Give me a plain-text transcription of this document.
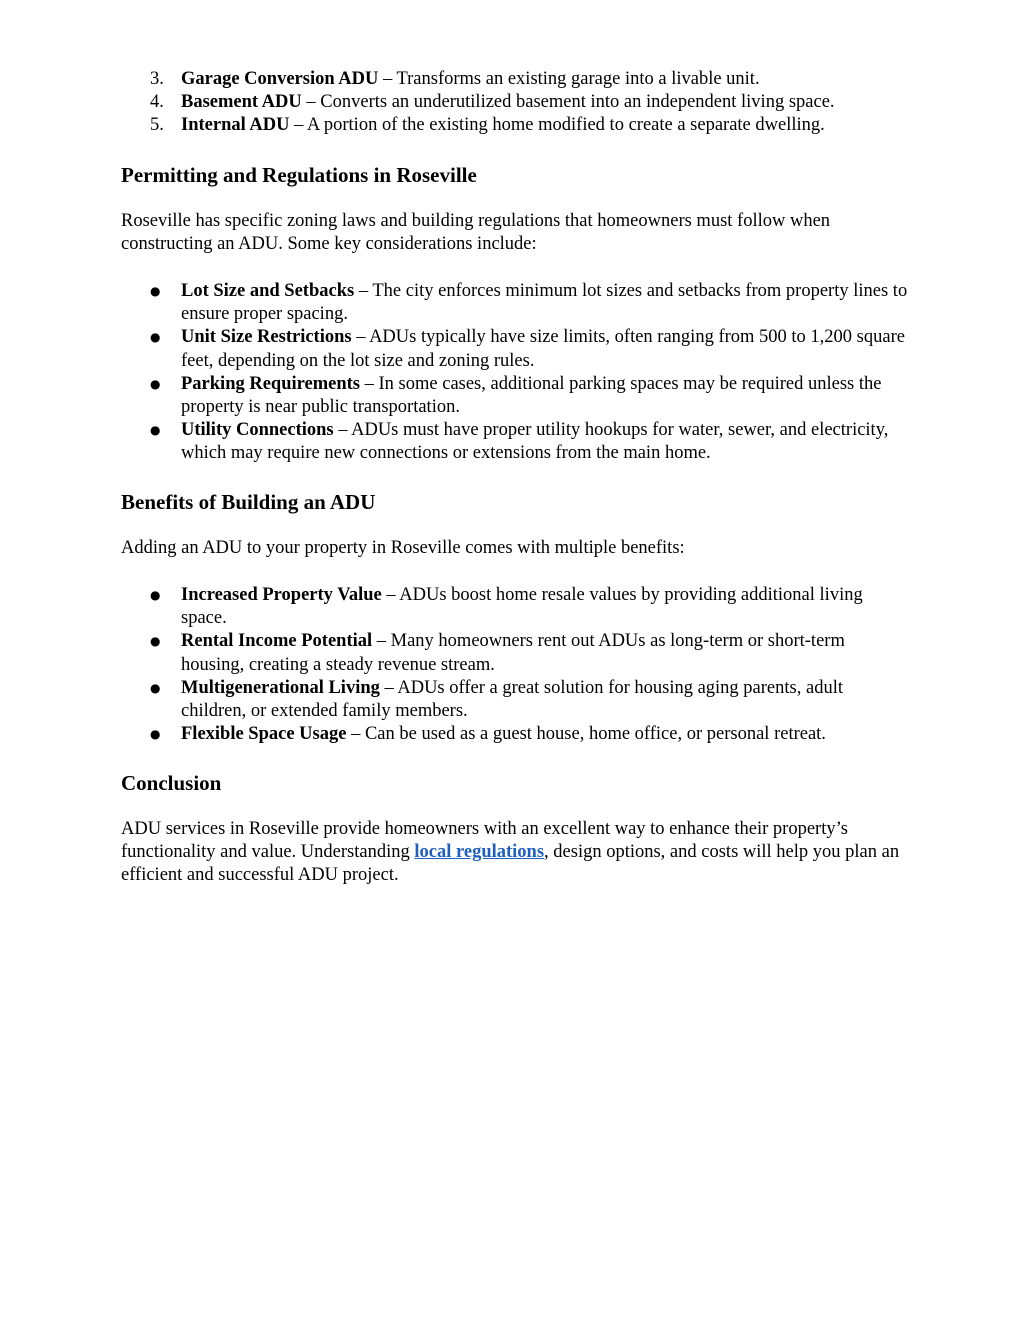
3. Garage Conversion ADU – Transforms an existing garage into a livable unit.
4. Basement ADU – Converts an underutilized basement into an independent living space.
5. Internal ADU – A portion of the existing home modified to create a separate dwelling.
Permitting and Regulations in Roseville

Roseville has specific zoning laws and building regulations that homeowners must follow when constructing an ADU. Some key considerations include:

● Lot Size and Setbacks – The city enforces minimum lot sizes and setbacks from property lines to ensure proper spacing.
● Unit Size Restrictions – ADUs typically have size limits, often ranging from 500 to 1,200 square feet, depending on the lot size and zoning rules.
● Parking Requirements – In some cases, additional parking spaces may be required unless the property is near public transportation.
● Utility Connections – ADUs must have proper utility hookups for water, sewer, and electricity, which may require new connections or extensions from the main home.
Benefits of Building an ADU

Adding an ADU to your property in Roseville comes with multiple benefits:

● Increased Property Value – ADUs boost home resale values by providing additional living space.
● Rental Income Potential – Many homeowners rent out ADUs as long-term or short-term housing, creating a steady revenue stream.
● Multigenerational Living – ADUs offer a great solution for housing aging parents, adult children, or extended family members.
● Flexible Space Usage – Can be used as a guest house, home office, or personal retreat.
Conclusion

ADU services in Roseville provide homeowners with an excellent way to enhance their property’s functionality and value. Understanding local regulations, design options, and costs will help you plan an efficient and successful ADU project.
